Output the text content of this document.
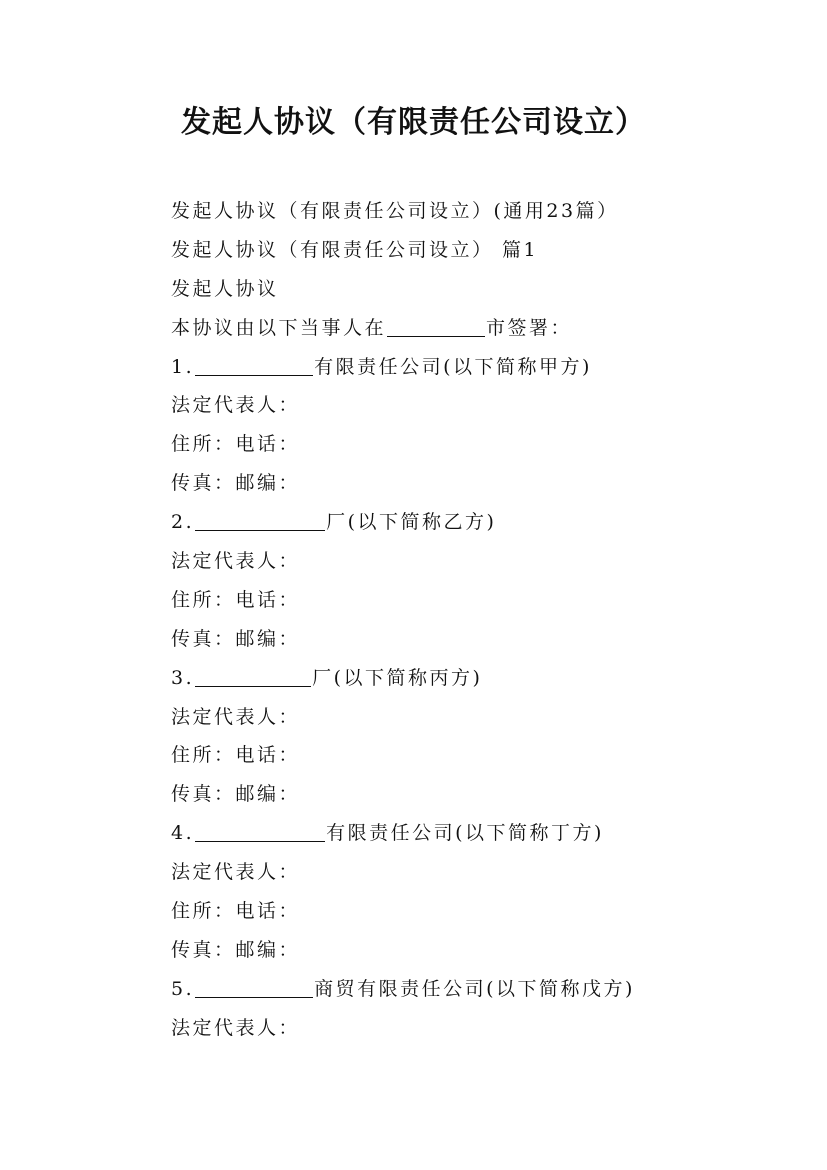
发起人协议（有限责任公司设立）
发起人协议（有限责任公司设立）(通用23篇）
发起人协议（有限责任公司设立） 篇1
发起人协议
本协议由以下当事人在	市签署：
1.	有限责任公司(以下简称甲方)
法定代表人：
住所：电话：
传真：邮编：
2.	厂(以下简称乙方)
法定代表人：
住所：电话：
传真：邮编：
3.	厂(以下简称丙方)
法定代表人：
住所：电话：
传真：邮编：
4.	有限责任公司(以下简称丁方)
法定代表人：
住所：电话：
传真：邮编：
5.	商贸有限责任公司(以下简称戊方)
法定代表人：
